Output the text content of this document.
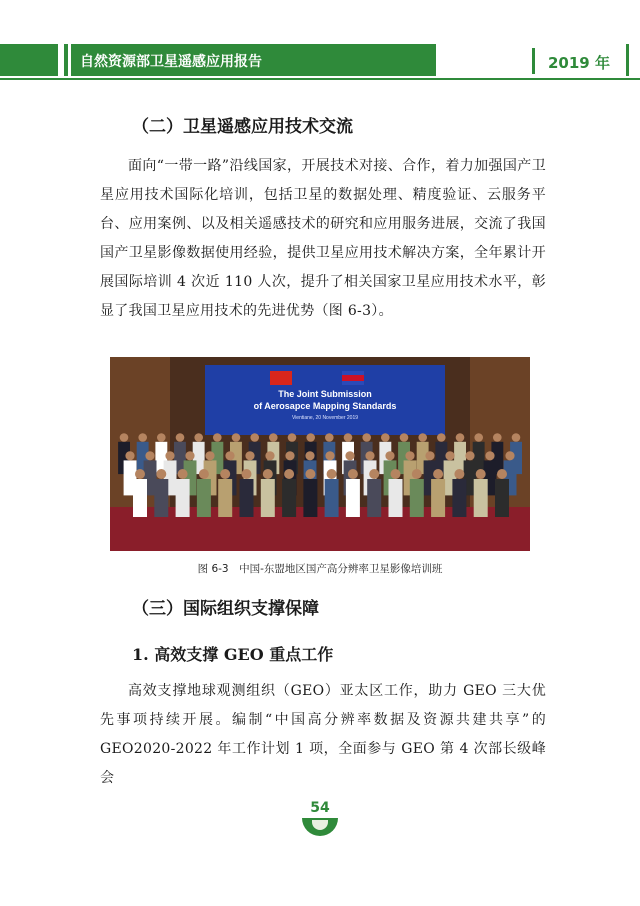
自然资源部卫星遥感应用报告	2019 年
（二）卫星遥感应用技术交流
面向“一带一路”沿线国家，开展技术对接、合作，着力加强国产卫星应用技术国际化培训，包括卫星的数据处理、精度验证、云服务平台、应用案例、以及相关遥感技术的研究和应用服务进展，交流了我国国产卫星影像数据使用经验，提供卫星应用技术解决方案，全年累计开展国际培训 4 次近 110 人次，提升了相关国家卫星应用技术水平，彰显了我国卫星应用技术的先进优势（图 6-3）。
The Joint Submission
of Aerosapce Mapping Standards
Vientiane, 20 November 2019
图 6-3　中国-东盟地区国产高分辨率卫星影像培训班
（三）国际组织支撑保障
1. 高效支撑 GEO 重点工作
高效支撑地球观测组织（GEO）亚太区工作，助力 GEO 三大优先事项持续开展。编制“中国高分辨率数据及资源共建共享”的GEO2020-2022 年工作计划 1 项，全面参与 GEO 第 4 次部长级峰会
54
